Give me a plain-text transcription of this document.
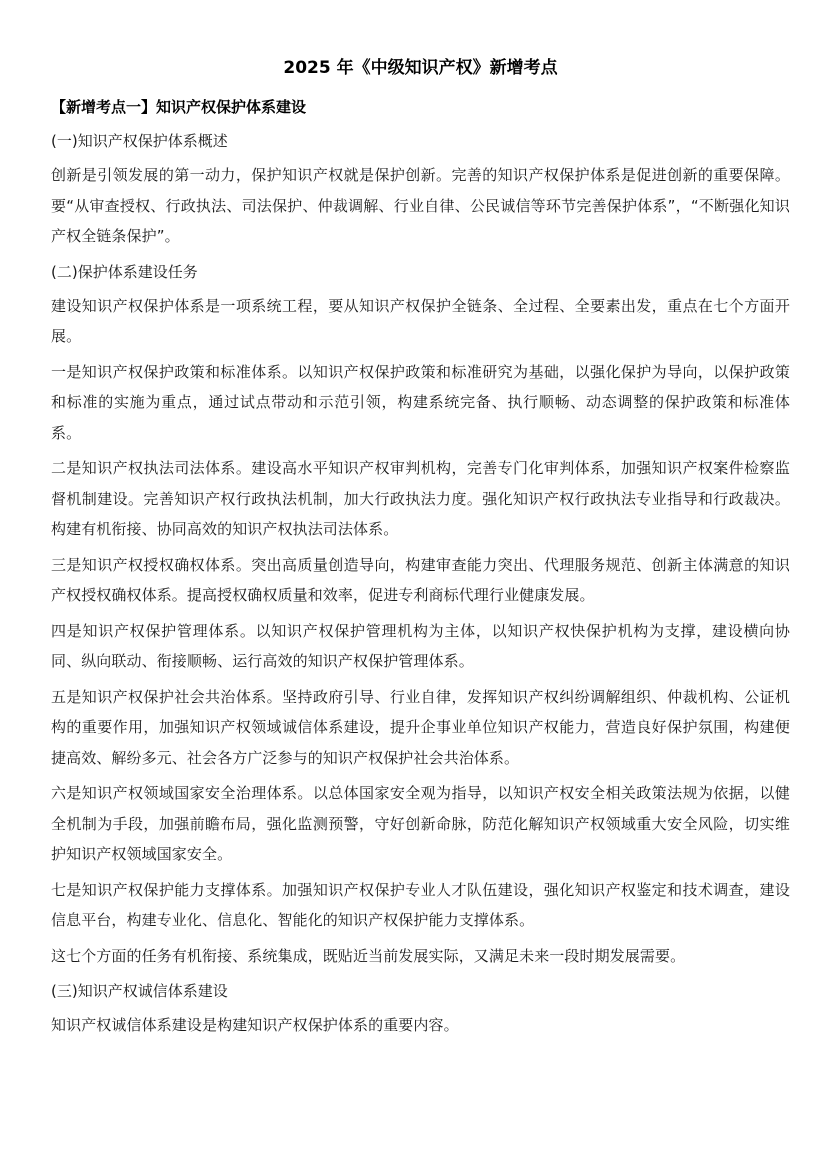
2025 年《中级知识产权》新增考点
【新增考点一】知识产权保护体系建设
(一)知识产权保护体系概述
创新是引领发展的第一动力，保护知识产权就是保护创新。完善的知识产权保护体系是促进创新的重要保障。要“从审查授权、行政执法、司法保护、仲裁调解、行业自律、公民诚信等环节完善保护体系”，“不断强化知识产权全链条保护”。
(二)保护体系建设任务
建设知识产权保护体系是一项系统工程，要从知识产权保护全链条、全过程、全要素出发，重点在七个方面开展。
一是知识产权保护政策和标准体系。以知识产权保护政策和标准研究为基础，以强化保护为导向，以保护政策和标准的实施为重点，通过试点带动和示范引领，构建系统完备、执行顺畅、动态调整的保护政策和标准体系。
二是知识产权执法司法体系。建设高水平知识产权审判机构，完善专门化审判体系，加强知识产权案件检察监督机制建设。完善知识产权行政执法机制，加大行政执法力度。强化知识产权行政执法专业指导和行政裁决。构建有机衔接、协同高效的知识产权执法司法体系。
三是知识产权授权确权体系。突出高质量创造导向，构建审查能力突出、代理服务规范、创新主体满意的知识产权授权确权体系。提高授权确权质量和效率，促进专利商标代理行业健康发展。
四是知识产权保护管理体系。以知识产权保护管理机构为主体，以知识产权快保护机构为支撑，建设横向协同、纵向联动、衔接顺畅、运行高效的知识产权保护管理体系。
五是知识产权保护社会共治体系。坚持政府引导、行业自律，发挥知识产权纠纷调解组织、仲裁机构、公证机构的重要作用，加强知识产权领域诚信体系建设，提升企事业单位知识产权能力，营造良好保护氛围，构建便捷高效、解纷多元、社会各方广泛参与的知识产权保护社会共治体系。
六是知识产权领域国家安全治理体系。以总体国家安全观为指导，以知识产权安全相关政策法规为依据，以健全机制为手段，加强前瞻布局，强化监测预警，守好创新命脉，防范化解知识产权领域重大安全风险，切实维护知识产权领域国家安全。
七是知识产权保护能力支撑体系。加强知识产权保护专业人才队伍建设，强化知识产权鉴定和技术调查，建设信息平台，构建专业化、信息化、智能化的知识产权保护能力支撑体系。
这七个方面的任务有机衔接、系统集成，既贴近当前发展实际，又满足未来一段时期发展需要。
(三)知识产权诚信体系建设
知识产权诚信体系建设是构建知识产权保护体系的重要内容。
